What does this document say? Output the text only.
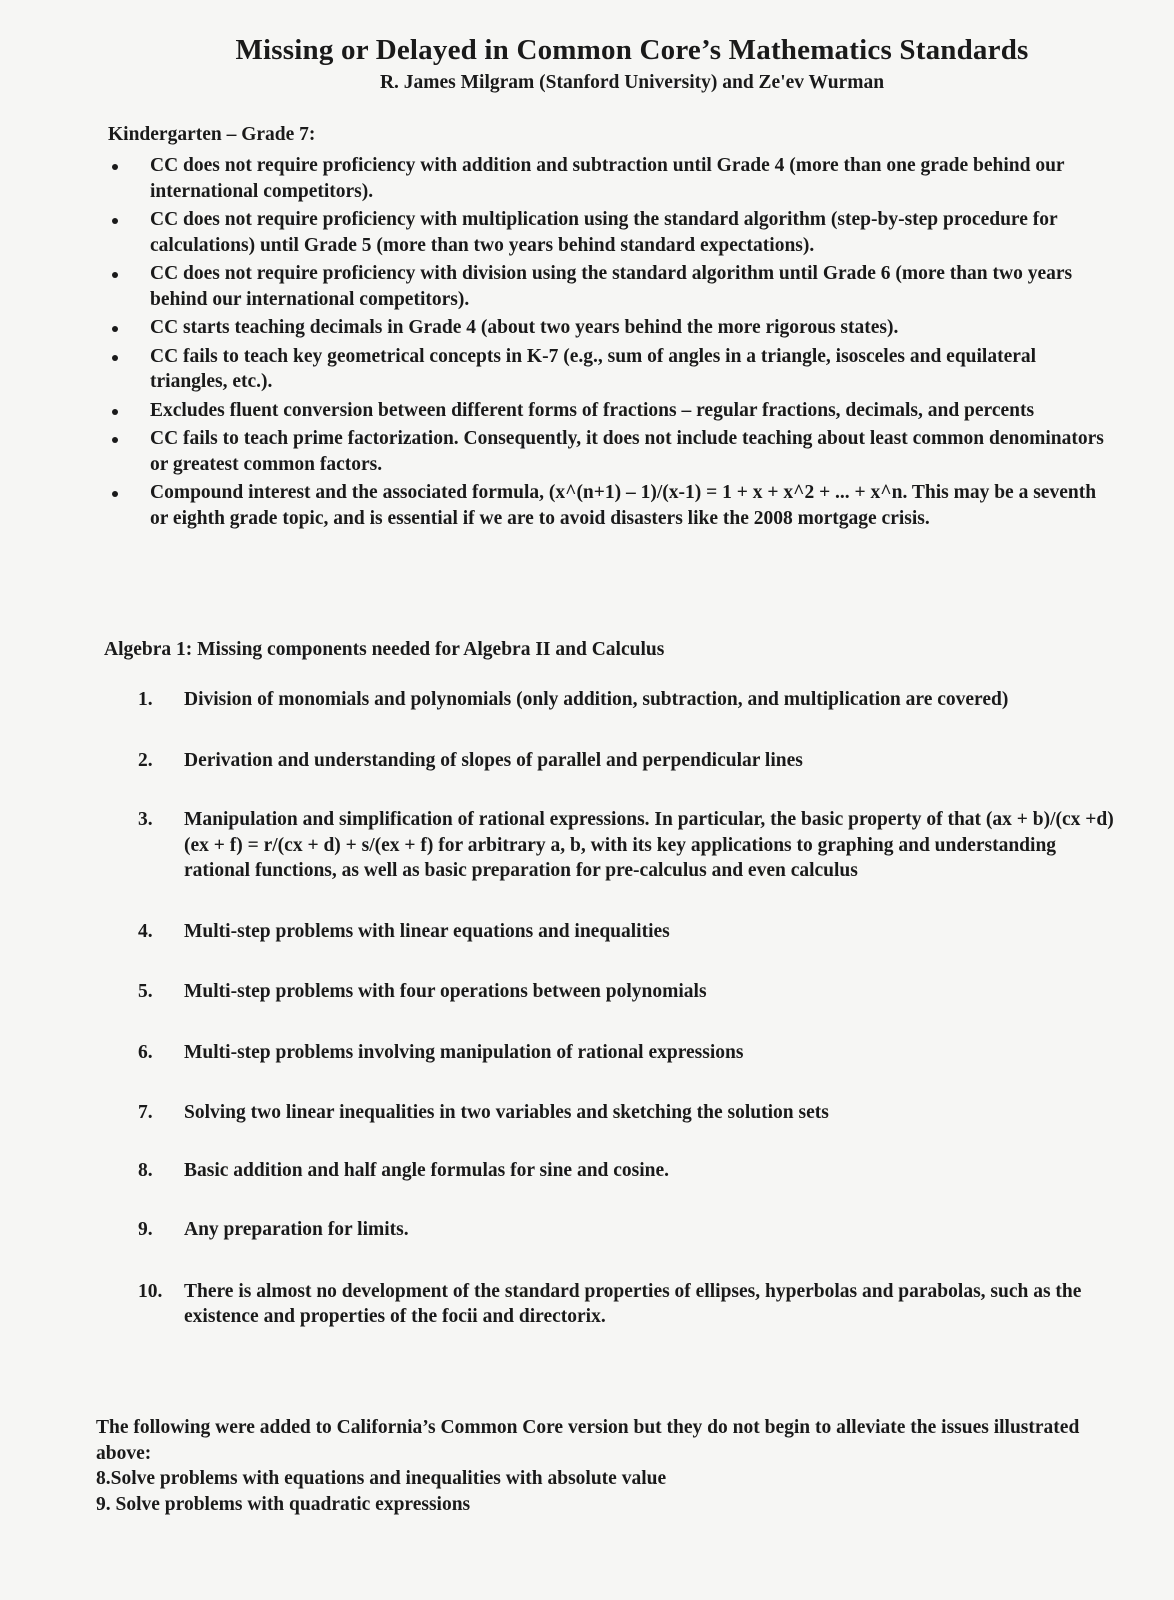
Missing or Delayed in Common Core’s Mathematics Standards
R. James Milgram (Stanford University) and Ze'ev Wurman
Kindergarten – Grade 7:
CC does not require proficiency with addition and subtraction until Grade 4 (more than one grade behind our international competitors).
CC does not require proficiency with multiplication using the standard algorithm (step-by-step procedure for calculations) until Grade 5 (more than two years behind standard expectations).
CC does not require proficiency with division using the standard algorithm until Grade 6 (more than two years behind our international competitors).
CC starts teaching decimals in Grade 4 (about two years behind the more rigorous states).
CC fails to teach key geometrical concepts in K-7 (e.g., sum of angles in a triangle, isosceles and equilateral triangles, etc.).
Excludes fluent conversion between different forms of fractions – regular fractions, decimals, and percents
CC fails to teach prime factorization. Consequently, it does not include teaching about least common denominators or greatest common factors.
Compound interest and the associated formula, (x^(n+1) – 1)/(x-1) = 1 + x + x^2 + ... + x^n. This may be a seventh or eighth grade topic, and is essential if we are to avoid disasters like the 2008 mortgage crisis.
Algebra 1: Missing components needed for Algebra II and Calculus
1. Division of monomials and polynomials (only addition, subtraction, and multiplication are covered)
2. Derivation and understanding of slopes of parallel and perpendicular lines
3. Manipulation and simplification of rational expressions. In particular, the basic property of that (ax + b)/(cx +d)(ex + f) = r/(cx + d) + s/(ex + f) for arbitrary a, b, with its key applications to graphing and understanding rational functions, as well as basic preparation for pre-calculus and even calculus
4. Multi-step problems with linear equations and inequalities
5. Multi-step problems with four operations between polynomials
6. Multi-step problems involving manipulation of rational expressions
7. Solving two linear inequalities in two variables and sketching the solution sets
8. Basic addition and half angle formulas for sine and cosine.
9. Any preparation for limits.
10. There is almost no development of the standard properties of ellipses, hyperbolas and parabolas, such as the existence and properties of the focii and directorix.
The following were added to California’s Common Core version but they do not begin to alleviate the issues illustrated above:
8.Solve problems with equations and inequalities with absolute value
9. Solve problems with quadratic expressions
